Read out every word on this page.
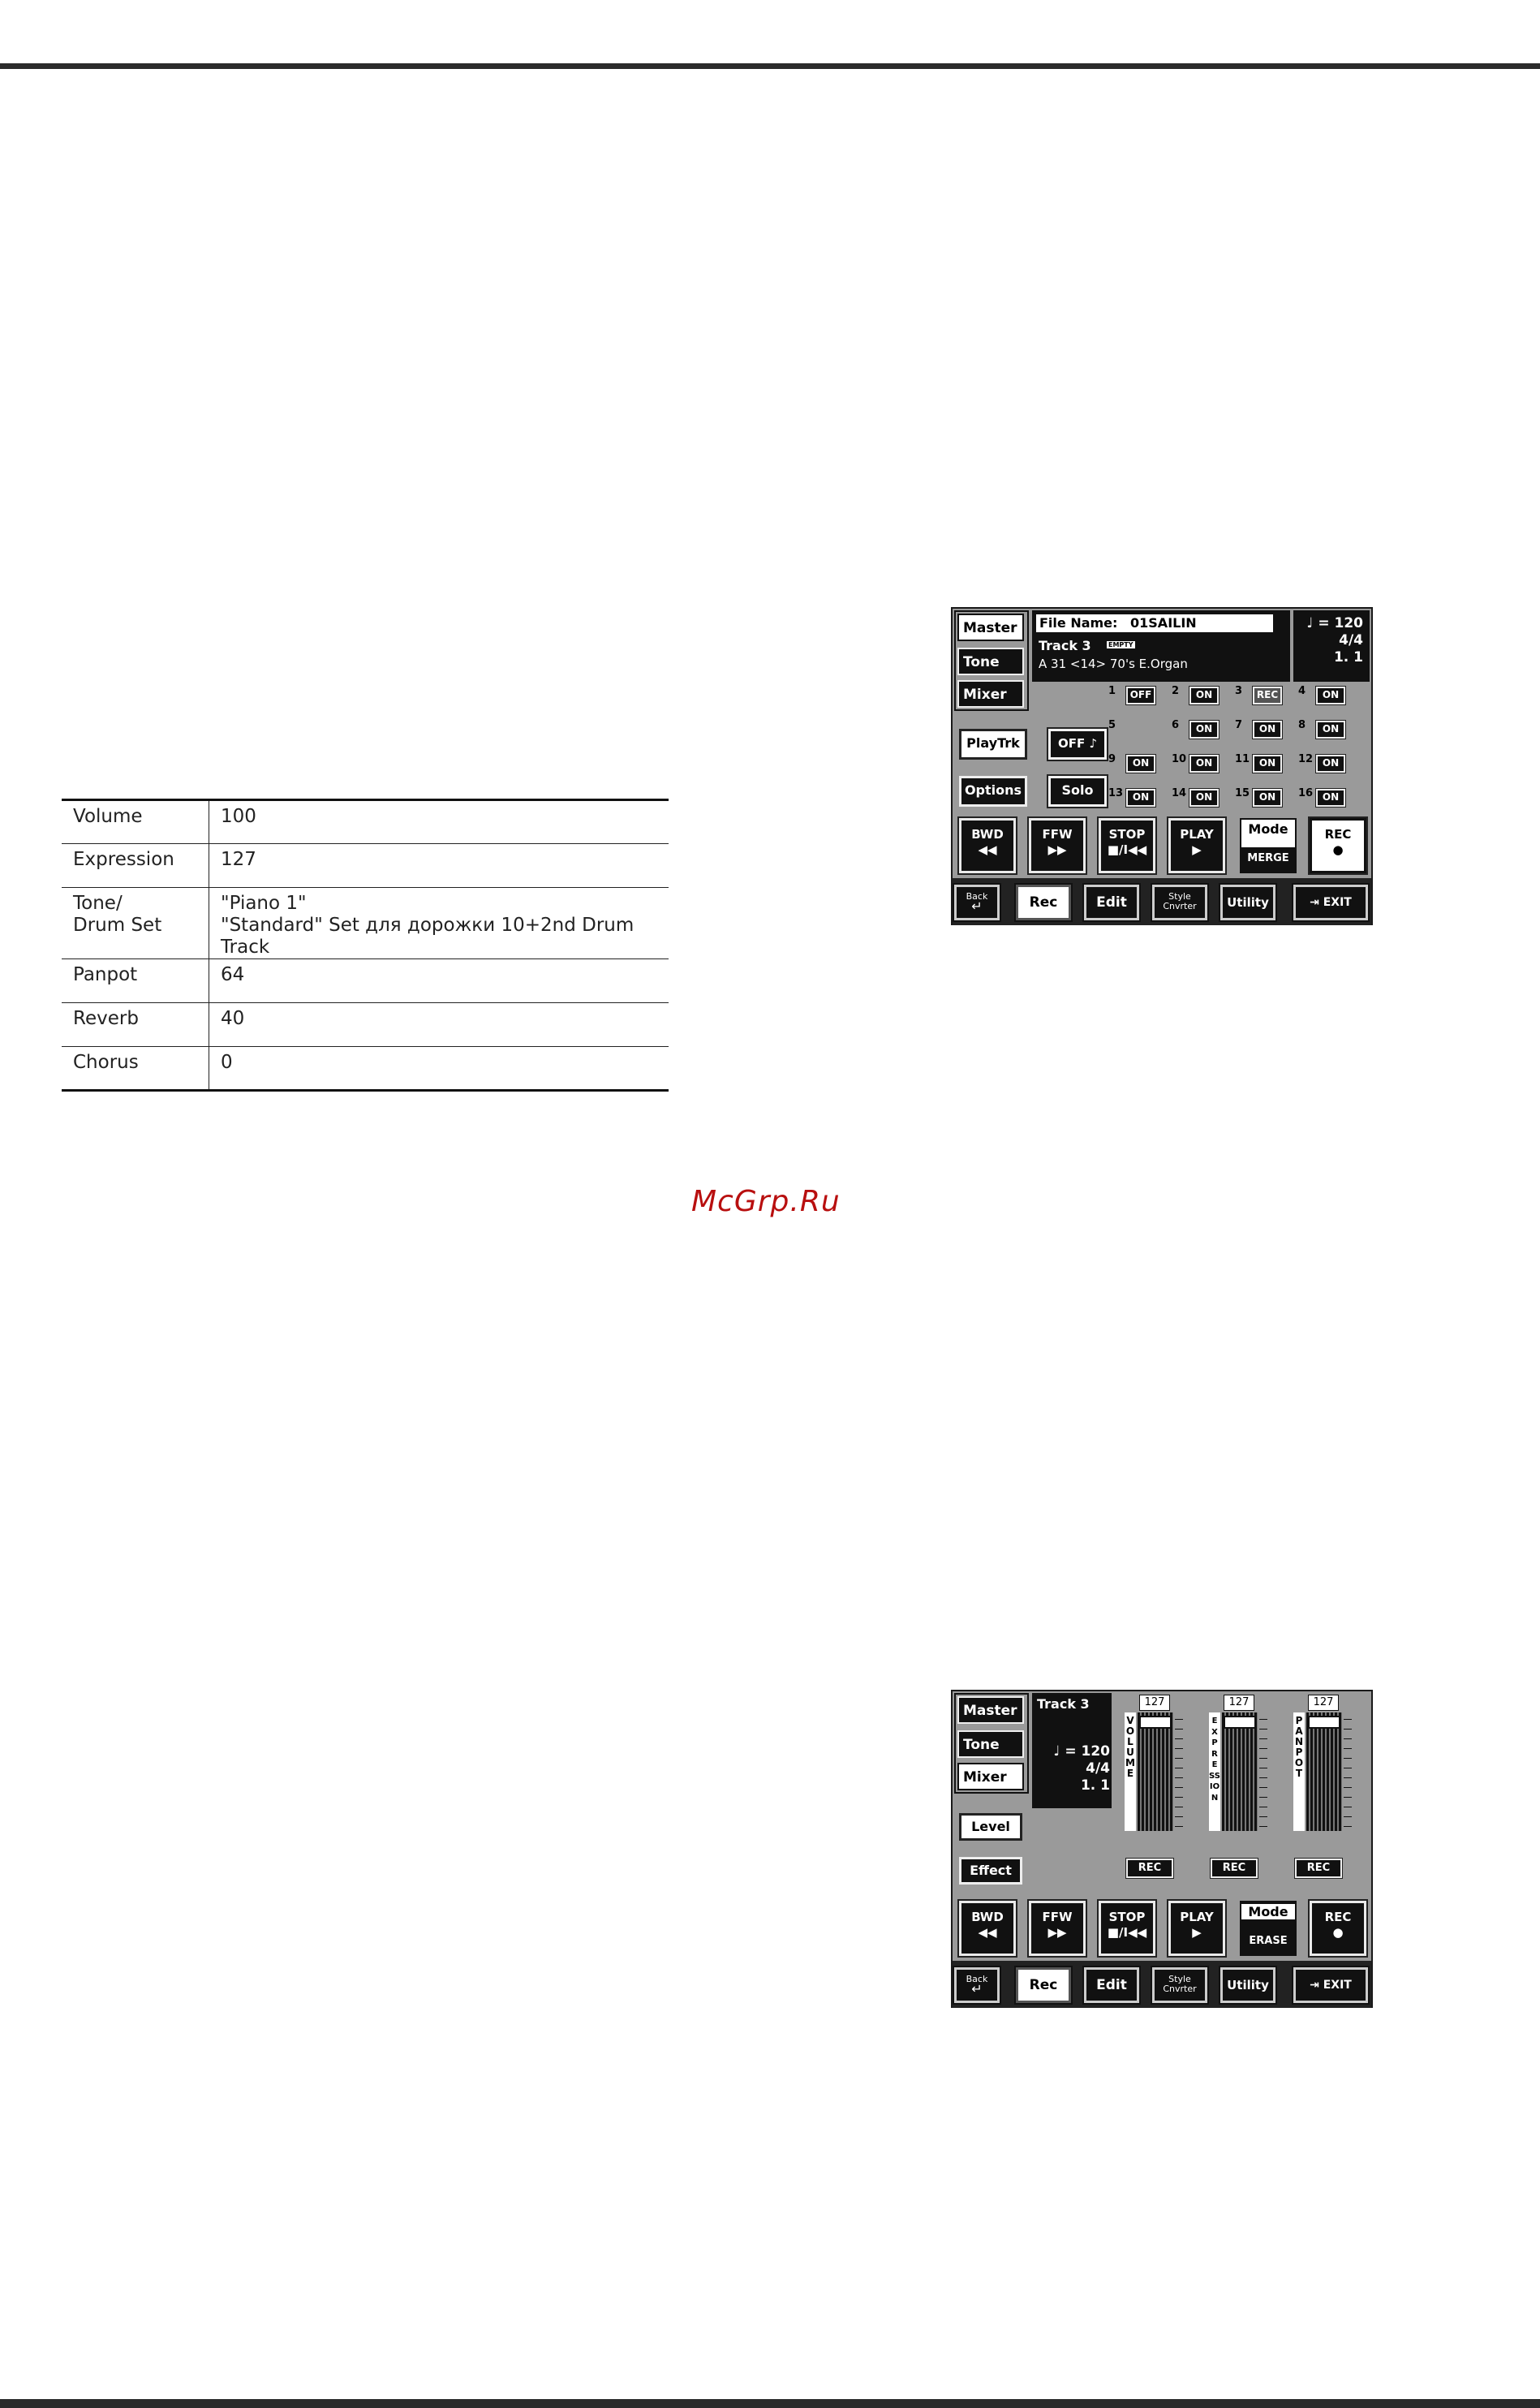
Volume	100
Expression	127
Tone/
Drum Set	"Piano 1"
"Standard" Set для дорожки 10+2nd Drum Track
Panpot	64
Reverb	40
Chorus	0
McGrp.Ru
Master
Tone
Mixer
File Name: 01SAILIN
Track 3	EMPTY
A 31 <14> 70's E.Organ
♩ = 120
4/4
1. 1
PlayTrk	OFF ♪
Options	Solo
1	OFF	2	ON	3	REC	4	ON
5	6	ON	7	ON	8	ON
9	ON	10 ON	11 ON	12 ON
13 ON	14 ON	15 ON	16 ON
BWD
◀◀
FFW
▶▶
STOP
■/I◀◀
PLAY
▶
Mode
MERGE
REC
●
Back
↵	Rec	Edit	Style
Cnvrter	Utility	⇥ EXIT
Master
Tone
Mixer
Track 3
♩ = 120
4/4
1. 1
Level
Effect
127
VOLUME
127
EXPRESSION
127
PANPOT
REC	REC	REC
BWD
◀◀
FFW
▶▶
STOP
■/I◀◀
PLAY
▶
Mode
ERASE
REC
●
Back
↵	Rec	Edit	Style
Cnvrter	Utility	⇥ EXIT
